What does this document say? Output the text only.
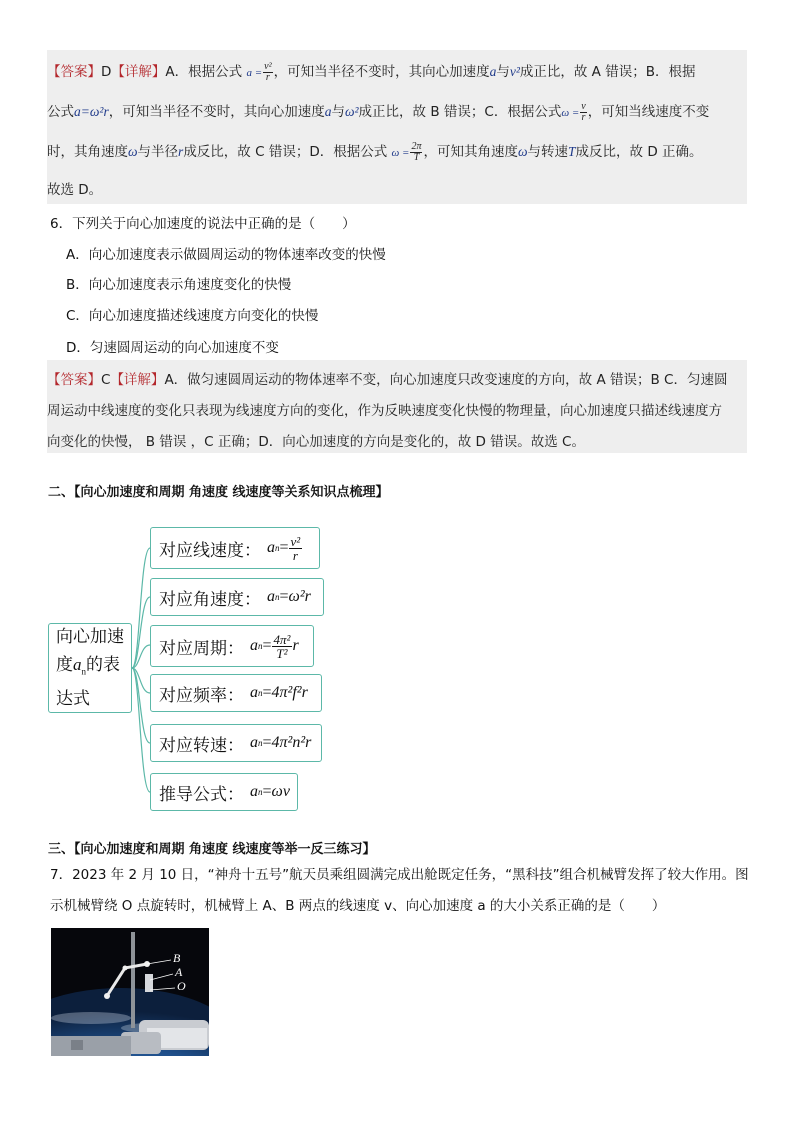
【答案】D【详解】A．根据公式 $a = \frac{\text{v²}}{r}$ ，可知当半径不变时，其向心加速度a与v²成正比，故 A 错误；B．根据
公式a=ω²r，可知当半径不变时，其向心加速度a与ω²成正比，故 B 错误；C．根据公式$\omega = \frac{v}{r}$ ，可知当线速度不变
时，其角速度ω与半径r成反比，故 C 错误；D．根据公式 $\omega = \frac{2\pi}{T}$ ，可知其角速度ω与转速T成反比，故 D 正确。
故选 D。
6．下列关于向心加速度的说法中正确的是（　　）
A．向心加速度表示做圆周运动的物体速率改变的快慢
B．向心加速度表示角速度变化的快慢
C．向心加速度描述线速度方向变化的快慢
D．匀速圆周运动的向心加速度不变
【答案】C【详解】A．做匀速圆周运动的物体速率不变，向心加速度只改变速度的方向，故 A 错误；B C．匀速圆
周运动中线速度的变化只表现为线速度方向的变化，作为反映速度变化快慢的物理量，向心加速度只描述线速度方
向变化的快慢， B 错误 ，C 正确；D．向心加速度的方向是变化的，故 D 错误。故选 C。
二、【向心加速度和周期 角速度 线速度等关系知识点梳理】
向心加速
度$a_n$的表
达式
对应线速度： a $n = \frac{\text{v²}}{r}$
对应角速度： a n = ω²r
对应周期： a $n = \frac{\text{4π²}}{\text{T²}}$ r
对应频率： a n = 4π²f²r
对应转速： a n = 4π²n²r
推导公式： a n = ωv
三、【向心加速度和周期 角速度 线速度等举一反三练习】
7．2023 年 2 月 10 日，“神舟十五号”航天员乘组圆满完成出舱既定任务，“黑科技”组合机械臂发挥了较大作用。图
示机械臂绕 O 点旋转时，机械臂上 A、B 两点的线速度 v、向心加速度 a 的大小关系正确的是（　　）
B
A
O
